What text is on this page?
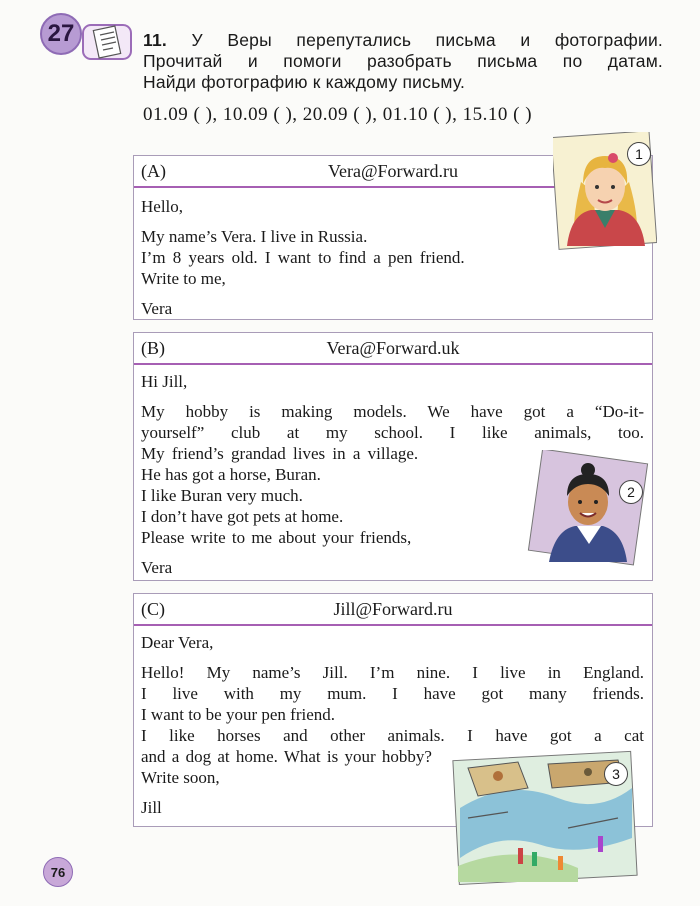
27	11. У Веры перепутались письма и фотографии.
Прочитай и помоги разобрать письма по датам.
Найди фотографию к каждому письму.
01.09 ( ), 10.09 ( ), 20.09 ( ), 01.10 ( ), 15.10 ( )
(A)	Vera@Forward.ru
Hello,
My name’s Vera. I live in Russia.
I’m 8 years old. I want to find a pen friend.
Write to me,
Vera
1
(B)	Vera@Forward.uk
Hi Jill,
My hobby is making models. We have got a “Do-it-
yourself” club at my school. I like animals, too.
My friend’s grandad lives in a village.
He has got a horse, Buran.
I like Buran very much.
I don’t have got pets at home.
Please write to me about your friends,
Vera
2
(C)	Jill@Forward.ru
Dear Vera,
Hello! My name’s Jill. I’m nine. I live in England.
I live with my mum. I have got many friends.
I want to be your pen friend.
I like horses and other animals. I have got a cat
and a dog at home. What is your hobby?
Write soon,
Jill
3
76
